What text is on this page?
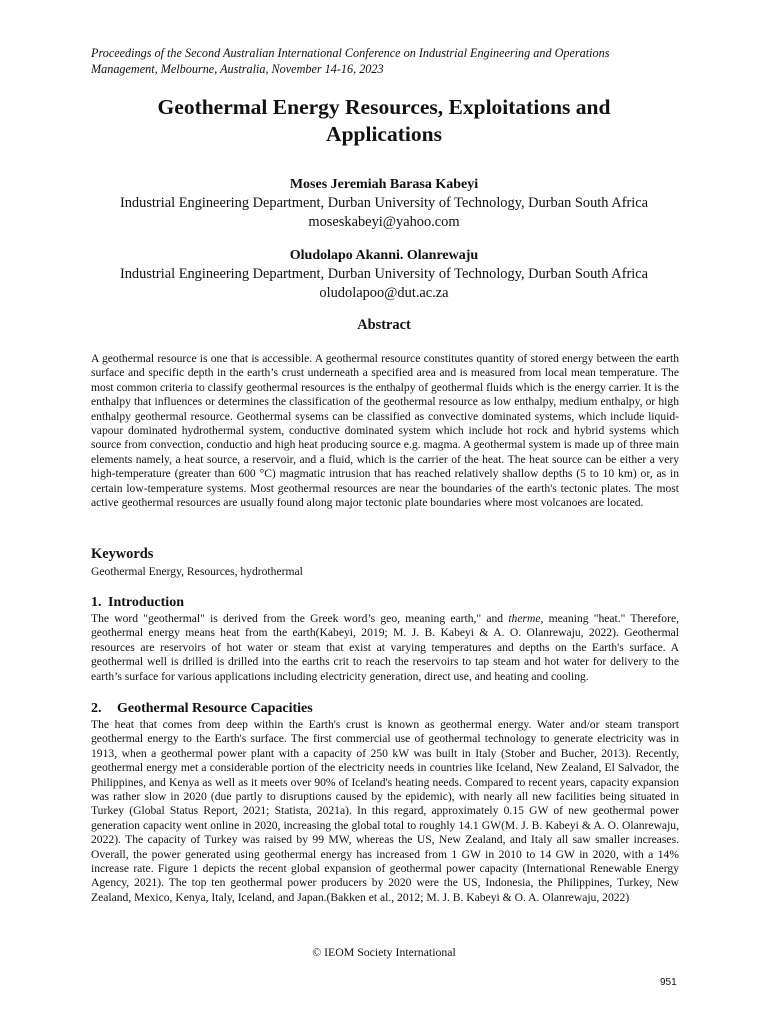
Proceedings of the Second Australian International Conference on Industrial Engineering and Operations
Management, Melbourne, Australia, November 14-16, 2023
Geothermal Energy Resources, Exploitations and
Applications
Moses Jeremiah Barasa Kabeyi
Industrial Engineering Department, Durban University of Technology, Durban South Africa
moseskabeyi@yahoo.com
Oludolapo Akanni. Olanrewaju
Industrial Engineering Department, Durban University of Technology, Durban South Africa
oludolapoo@dut.ac.za
Abstract

A geothermal resource is one that is accessible. A geothermal resource constitutes quantity of stored energy between the earth surface and specific depth in the earth’s crust underneath a specified area and is measured from local mean temperature. The most common criteria to classify geothermal resources is the enthalpy of geothermal fluids which is the energy carrier. It is the enthalpy that influences or determines the classification of the geothermal resource as low enthalpy, medium enthalpy, or high enthalpy geothermal resource. Geothermal sysems can be classified as convective dominated systems, which include liquid-vapour dominated hydrothermal system, conductive dominated system which include hot rock and hybrid systems which source from convection, conductio and high heat producing source e.g. magma. A geothermal system is made up of three main elements namely, a heat source, a reservoir, and a fluid, which is the carrier of the heat. The heat source can be either a very high-temperature (greater than 600 °C) magmatic intrusion that has reached relatively shallow depths (5 to 10 km) or, as in certain low-temperature systems. Most geothermal resources are near the boundaries of the earth's tectonic plates. The most active geothermal resources are usually found along major tectonic plate boundaries where most volcanoes are located.

Keywords
Geothermal Energy, Resources, hydrothermal
1. Introduction

The word "geothermal" is derived from the Greek word’s geo, meaning earth," and therme, meaning "heat." Therefore, geothermal energy means heat from the earth(Kabeyi, 2019; M. J. B. Kabeyi & A. O. Olanrewaju, 2022). Geothermal resources are reservoirs of hot water or steam that exist at varying temperatures and depths on the Earth's surface. A geothermal well is drilled is drilled into the earths crit to reach the reservoirs to tap steam and hot water for delivery to the earth’s surface for various applications including electricity generation, direct use, and heating and cooling.

2. Geothermal Resource Capacities

The heat that comes from deep within the Earth's crust is known as geothermal energy. Water and/or steam transport geothermal energy to the Earth's surface. The first commercial use of geothermal technology to generate electricity was in 1913, when a geothermal power plant with a capacity of 250 kW was built in Italy (Stober and Bucher, 2013). Recently, geothermal energy met a considerable portion of the electricity needs in countries like Iceland, New Zealand, El Salvador, the Philippines, and Kenya as well as it meets over 90% of Iceland's heating needs. Compared to recent years, capacity expansion was rather slow in 2020 (due partly to disruptions caused by the epidemic), with nearly all new facilities being situated in Turkey (Global Status Report, 2021; Statista, 2021a). In this regard, approximately 0.15 GW of new geothermal power generation capacity went online in 2020, increasing the global total to roughly 14.1 GW(M. J. B. Kabeyi & A. O. Olanrewaju, 2022). The capacity of Turkey was raised by 99 MW, whereas the US, New Zealand, and Italy all saw smaller increases. Overall, the power generated using geothermal energy has increased from 1 GW in 2010 to 14 GW in 2020, with a 14% increase rate. Figure 1 depicts the recent global expansion of geothermal power capacity (International Renewable Energy Agency, 2021). The top ten geothermal power producers by 2020 were the US, Indonesia, the Philippines, Turkey, New Zealand, Mexico, Kenya, Italy, Iceland, and Japan.(Bakken et al., 2012; M. J. B. Kabeyi & O. A. Olanrewaju, 2022)

© IEOM Society International
951
